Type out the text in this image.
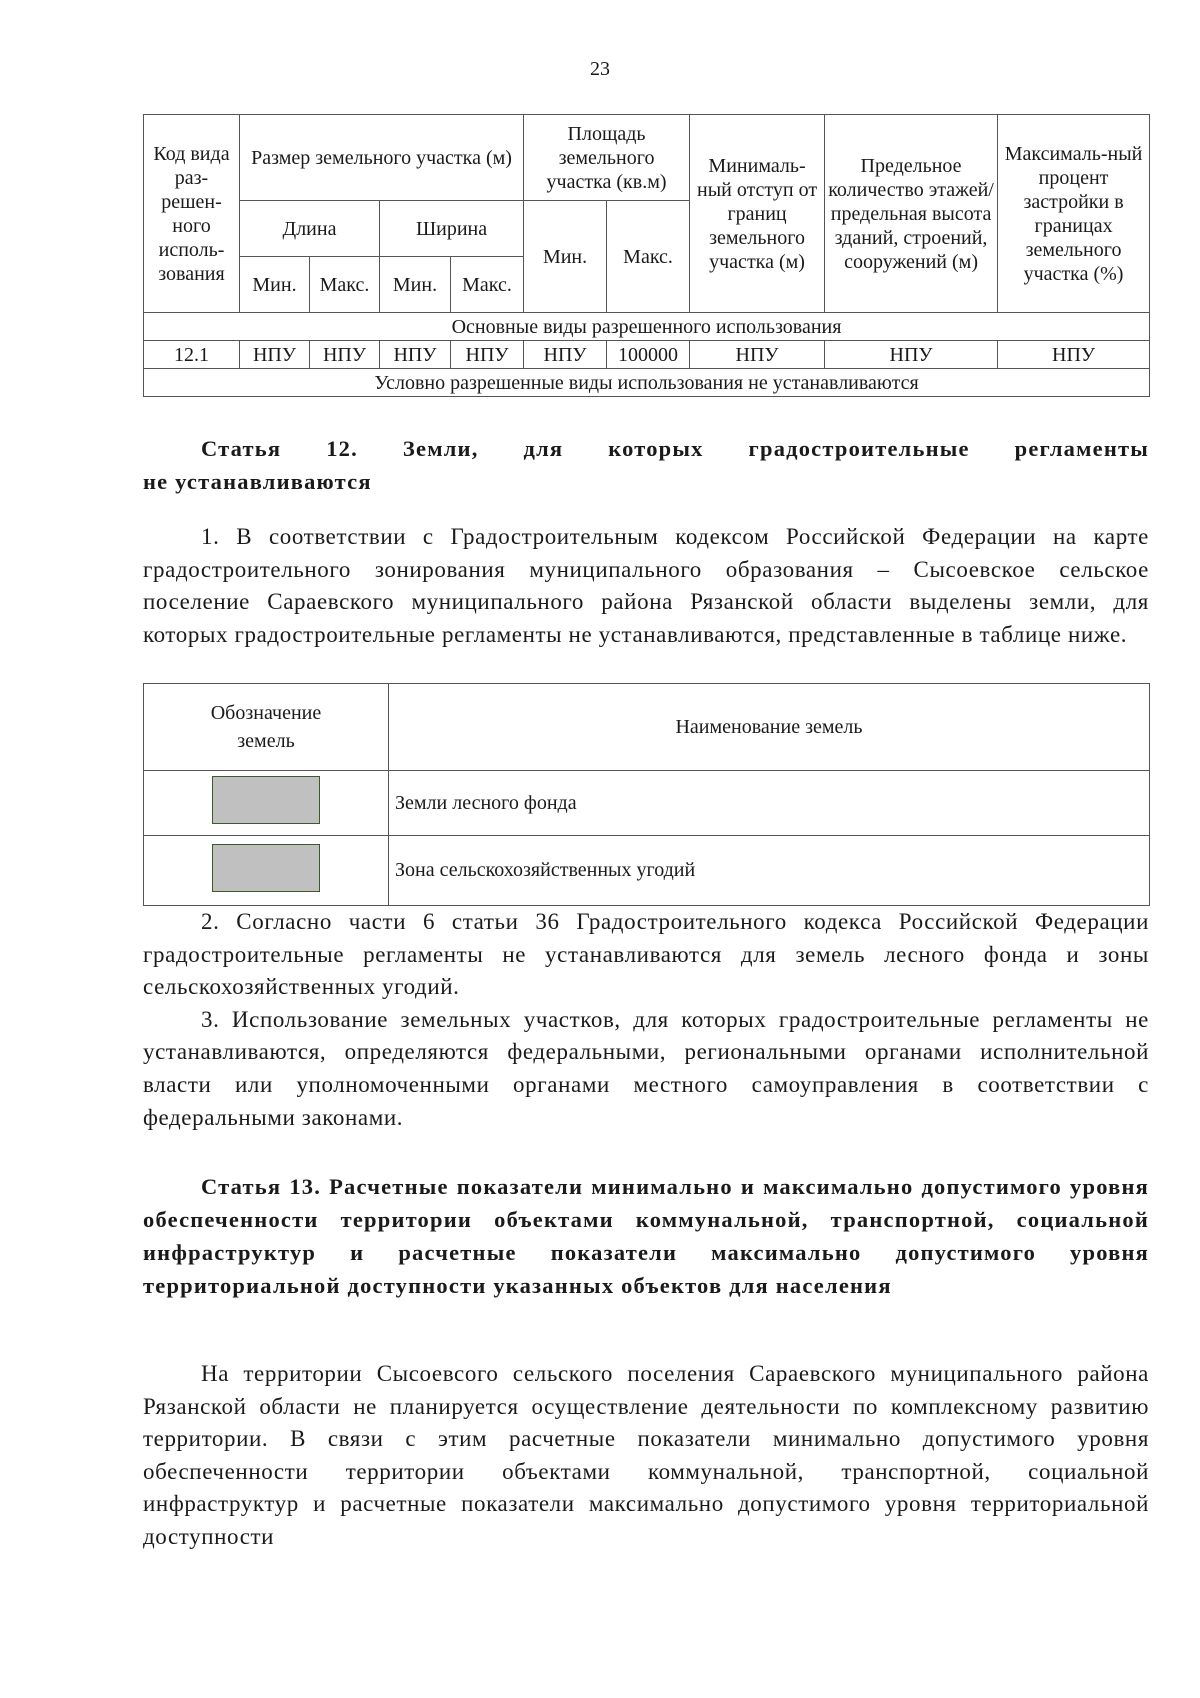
23
Код вида раз-решен-ного исполь-зования	Размер земельного участка (м)				Площадь земельного участка (кв.м)		Минималь-ный отступ от границ земельного участка (м)	Предельное количество этажей/ предельная высота зданий, строений, сооружений (м)	Максималь-ный процент застройки в границах земельного участка (%)
	Длина		Ширина		Мин.	Макс.			
	Мин.	Макс.	Мин.	Макс.					
Основные виды разрешенного использования									
12.1	НПУ	НПУ	НПУ	НПУ	НПУ	100000	НПУ	НПУ	НПУ
Условно разрешенные виды использования не устанавливаются									
Статья 12. Земли, для которых градостроительные регламенты
не устанавливаются

1. В соответствии с Градостроительным кодексом Российской Федерации на карте градостроительного зонирования муниципального образования – Сысоевское сельское поселение Сараевского муниципального района Рязанской области выделены земли, для которых градостроительные регламенты не устанавливаются, представленные в таблице ниже.

Обозначение земель	Наименование земель
	Земли лесного фонда
	Зона сельскохозяйственных угодий

2. Согласно части 6 статьи 36 Градостроительного кодекса Российской Федерации градостроительные регламенты не устанавливаются для земель лесного фонда и зоны сельскохозяйственных угодий.

3. Использование земельных участков, для которых градостроительные регламенты не устанавливаются, определяются федеральными, региональными органами исполнительной власти или уполномоченными органами местного самоуправления в соответствии с федеральными законами.

Статья 13. Расчетные показатели минимально и максимально допустимого уровня обеспеченности территории объектами коммунальной, транспортной, социальной инфраструктур и расчетные показатели максимально допустимого уровня территориальной доступности указанных объектов для населения

На территории Сысоевсого сельского поселения Сараевского муниципального района Рязанской области не планируется осуществление деятельности по комплексному развитию территории. В связи с этим расчетные показатели минимально допустимого уровня обеспеченности территории объектами коммунальной, транспортной, социальной инфраструктур и расчетные показатели максимально допустимого уровня территориальной доступности
